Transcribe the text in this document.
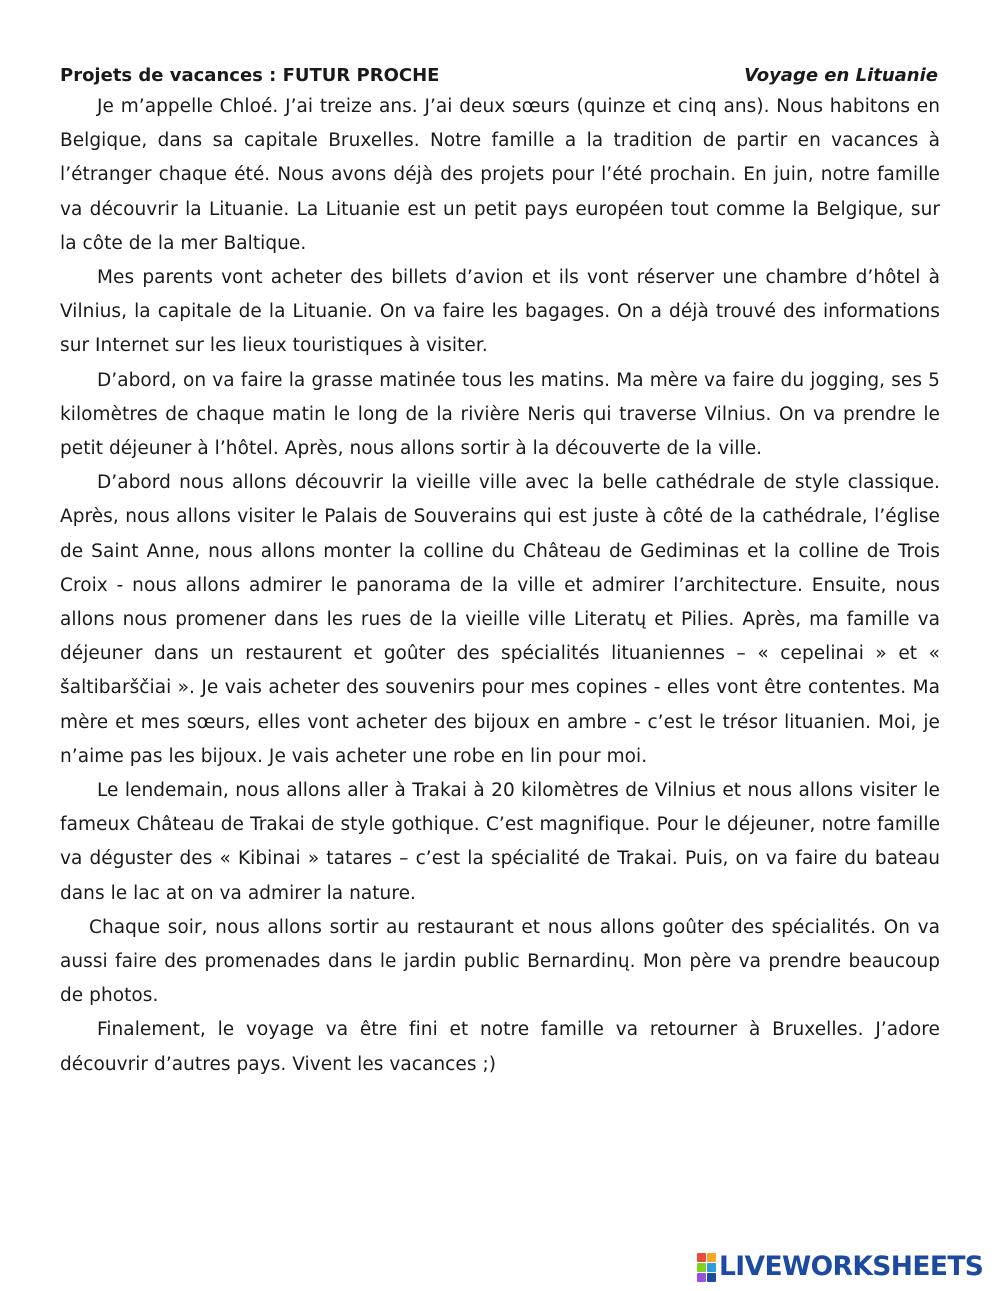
Projets de vacances : FUTUR PROCHE	Voyage en Lituanie

Je m’appelle Chloé. J’ai treize ans. J’ai deux sœurs (quinze et cinq ans). Nous habitons en Belgique, dans sa capitale Bruxelles. Notre famille a la tradition de partir en vacances à l’étranger chaque été. Nous avons déjà des projets pour l’été prochain. En juin, notre famille va découvrir la Lituanie. La Lituanie est un petit pays européen tout comme la Belgique, sur la côte de la mer Baltique.

Mes parents vont acheter des billets d’avion et ils vont réserver une chambre d’hôtel à Vilnius, la capitale de la Lituanie. On va faire les bagages. On a déjà trouvé des informations sur Internet sur les lieux touristiques à visiter.

D’abord, on va faire la grasse matinée tous les matins. Ma mère va faire du jogging, ses 5 kilomètres de chaque matin le long de la rivière Neris qui traverse Vilnius. On va prendre le petit déjeuner à l’hôtel. Après, nous allons sortir à la découverte de la ville.

D’abord nous allons découvrir la vieille ville avec la belle cathédrale de style classique. Après, nous allons visiter le Palais de Souverains qui est juste à côté de la cathédrale, l’église de Saint Anne, nous allons monter la colline du Château de Gediminas et la colline de Trois Croix - nous allons admirer le panorama de la ville et admirer l’architecture. Ensuite, nous allons nous promener dans les rues de la vieille ville Literatų et Pilies. Après, ma famille va déjeuner dans un restaurent et goûter des spécialités lituaniennes – « cepelinai » et « šaltibarščiai ». Je vais acheter des souvenirs pour mes copines - elles vont être contentes. Ma mère et mes sœurs, elles vont acheter des bijoux en ambre - c’est le trésor lituanien. Moi, je n’aime pas les bijoux. Je vais acheter une robe en lin pour moi.

Le lendemain, nous allons aller à Trakai à 20 kilomètres de Vilnius et nous allons visiter le fameux Château de Trakai de style gothique. C’est magnifique. Pour le déjeuner, notre famille va déguster des « Kibinai » tatares – c’est la spécialité de Trakai. Puis, on va faire du bateau dans le lac at on va admirer la nature.

Chaque soir, nous allons sortir au restaurant et nous allons goûter des spécialités. On va aussi faire des promenades dans le jardin public Bernardinų. Mon père va prendre beaucoup de photos.

Finalement, le voyage va être fini et notre famille va retourner à Bruxelles. J’adore découvrir d’autres pays. Vivent les vacances ;)

LIVEWORKSHEETS
